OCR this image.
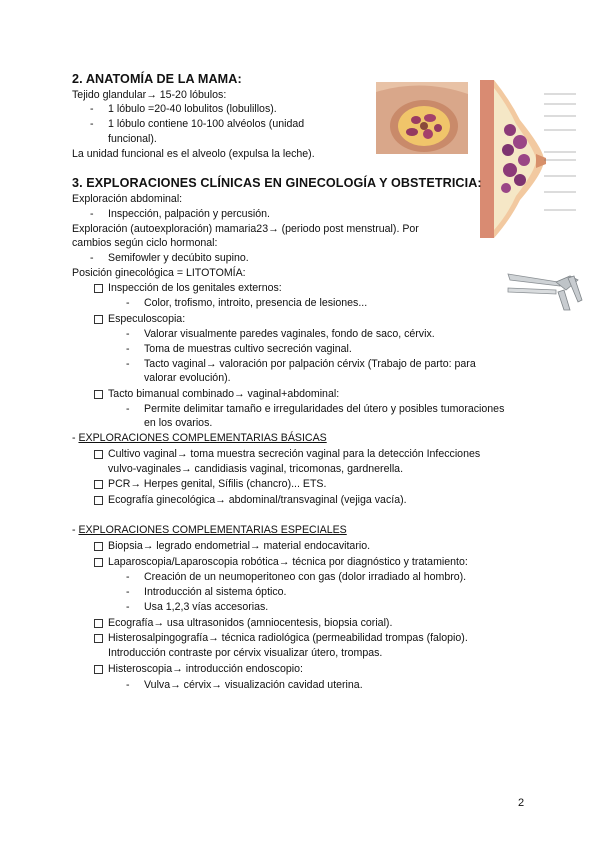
2. ANATOMÍA DE LA MAMA:
Tejido glandular→ 15-20 lóbulos:
- 1 lóbulo =20-40 lobulitos (lobulillos).
- 1 lóbulo contiene 10-100 alvéolos (unidad
funcional).
La unidad funcional es el alveolo (expulsa la leche).
3. EXPLORACIONES CLÍNICAS EN GINECOLOGÍA Y OBSTETRICIA:
Exploración abdominal:
- Inspección, palpación y percusión.
Exploración (autoexploración) mamaria23→ (periodo post menstrual). Por
cambios según ciclo hormonal:
- Semifowler y decúbito supino.
Posición ginecológica = LITOTOMÍA:
Inspección de los genitales externos:
- Color, trofismo, introito, presencia de lesiones...
Especuloscopia:
- Valorar visualmente paredes vaginales, fondo de saco, cérvix.
- Toma de muestras cultivo secreción vaginal.
- Tacto vaginal→ valoración por palpación cérvix (Trabajo de parto: para
valorar evolución).
Tacto bimanual combinado→ vaginal+abdominal:
- Permite delimitar tamaño e irregularidades del útero y posibles tumoraciones
en los ovarios.
- EXPLORACIONES COMPLEMENTARIAS BÁSICAS
Cultivo vaginal→ toma muestra secreción vaginal para la detección Infecciones
vulvo-vaginales→ candidiasis vaginal, tricomonas, gardnerella.
PCR→ Herpes genital, Sífilis (chancro)... ETS.
Ecografía ginecológica→ abdominal/transvaginal (vejiga vacía).
- EXPLORACIONES COMPLEMENTARIAS ESPECIALES
Biopsia→ legrado endometrial→ material endocavitario.
Laparoscopia/Laparoscopia robótica→ técnica por diagnóstico y tratamiento:
- Creación de un neumoperitoneo con gas (dolor irradiado al hombro).
- Introducción al sistema óptico.
- Usa 1,2,3 vías accesorias.
Ecografía→ usa ultrasonidos (amniocentesis, biopsia corial).
Histerosalpingografía→ técnica radiológica (permeabilidad trompas (falopio).
Introducción contraste por cérvix visualizar útero, trompas.
Histeroscopia→ introducción endoscopio:
- Vulva→ cérvix→ visualización cavidad uterina.
2
